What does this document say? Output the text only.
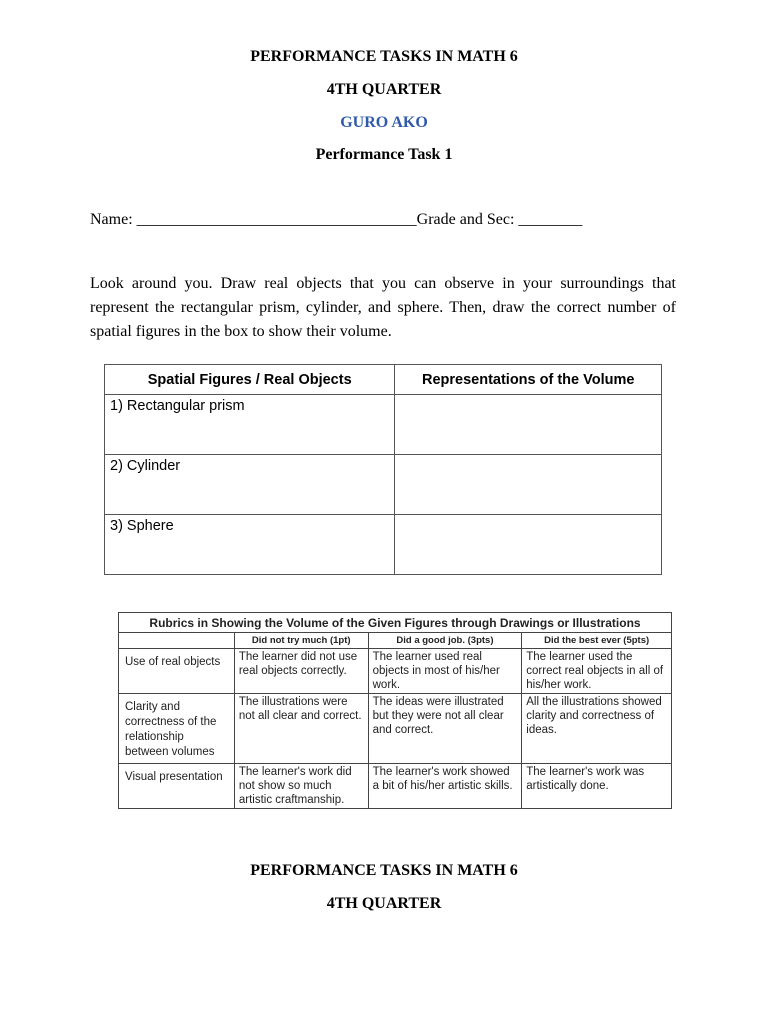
PERFORMANCE TASKS IN MATH 6
4TH QUARTER
GURO AKO
Performance Task 1
Name: ___________________________________Grade and Sec: ________
Look around you. Draw real objects that you can observe in your surroundings that represent the rectangular prism, cylinder, and sphere. Then, draw the correct number of spatial figures in the box to show their volume.
Spatial Figures / Real Objects	Representations of the Volume
1) Rectangular prism	
2) Cylinder	
3) Sphere	
Rubrics in Showing the Volume of the Given Figures through Drawings or Illustrations			
	Did not try much (1pt)	Did a good job. (3pts)	Did the best ever (5pts)
Use of real objects	The learner did not use real objects correctly.	The learner used real objects in most of his/her work.	The learner used the correct real objects in all of his/her work.
Clarity and correctness of the relationship between volumes	The illustrations were not all clear and correct.	The ideas were illustrated but they were not all clear and correct.	All the illustrations showed clarity and correctness of ideas.
Visual presentation	The learner's work did not show so much artistic craftmanship.	The learner's work showed a bit of his/her artistic skills.	The learner's work was artistically done.
PERFORMANCE TASKS IN MATH 6
4TH QUARTER
